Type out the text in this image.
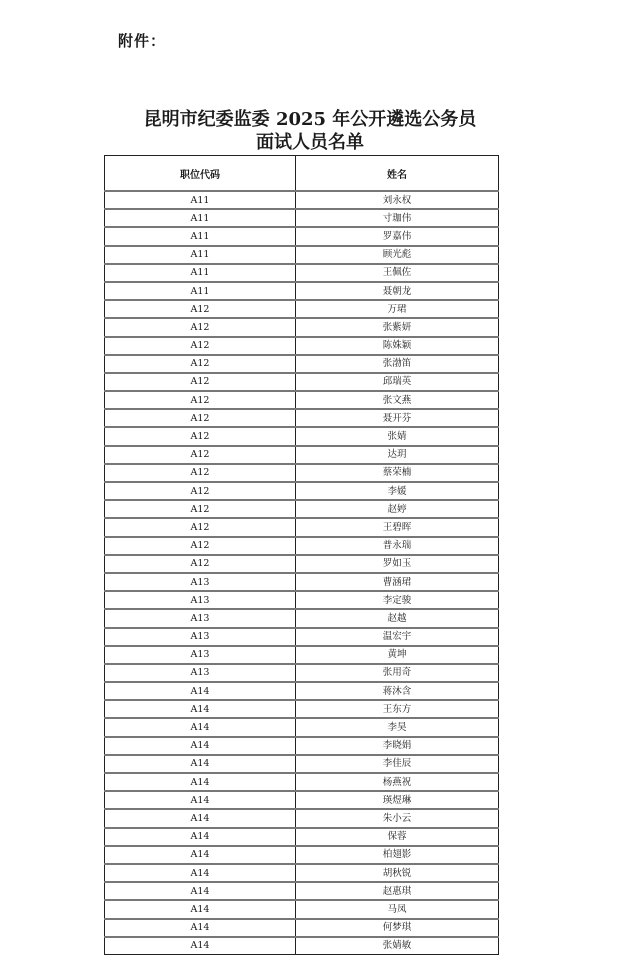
附件：
昆明市纪委监委 2025 年公开遴选公务员
面试人员名单
职位代码	姓名
A11	刘永权
A11	寸珈伟
A11	罗嘉伟
A11	顾光彪
A11	王佩佐
A11	聂朝龙
A12	万珺
A12	张紫妍
A12	陈姝颖
A12	张渤笛
A12	邱瑞英
A12	张文燕
A12	聂开芬
A12	张婧
A12	达玥
A12	蔡荣楠
A12	李媛
A12	赵婷
A12	王碧晖
A12	普永瑞
A12	罗如玉
A13	曹涵珺
A13	李定骏
A13	赵越
A13	温宏宇
A13	黄坤
A13	张用奇
A14	蒋沐含
A14	王东方
A14	李昊
A14	李晓娟
A14	李佳辰
A14	杨燕祝
A14	瑛煜琳
A14	朱小云
A14	保蓉
A14	柏翅影
A14	胡秋锐
A14	赵惠琪
A14	马凤
A14	何梦琪
A14	张婧敏
